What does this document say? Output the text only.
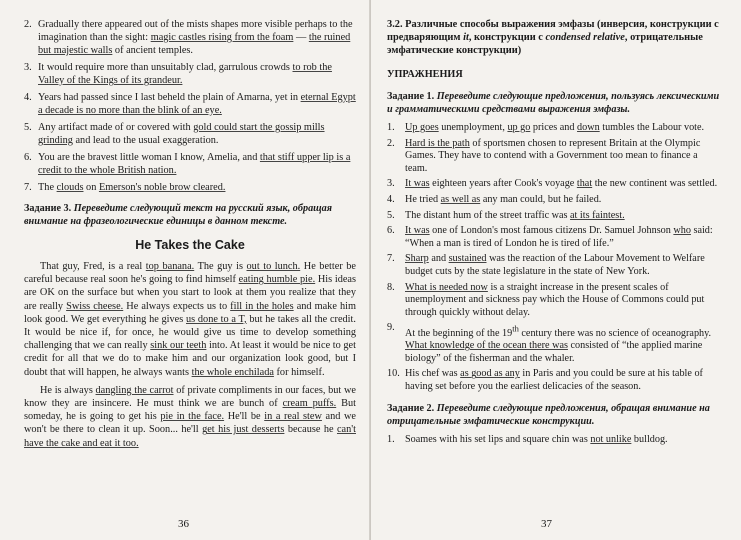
2. Gradually there appeared out of the mists shapes more visible perhaps to the imagination than the sight: magic castles rising from the foam — the ruined but majestic walls of ancient temples.
3. It would require more than unsuitably clad, garrulous crowds to rob the Valley of the Kings of its grandeur.
4. Years had passed since I last beheld the plain of Amarna, yet in eternal Egypt a decade is no more than the blink of an eye.
5. Any artifact made of or covered with gold could start the gossip mills grinding and lead to the usual exaggeration.
6. You are the bravest little woman I know, Amelia, and that stiff upper lip is a credit to the whole British nation.
7. The clouds on Emerson's noble brow cleared.
Задание 3. Переведите следующий текст на русский язык, обращая внимание на фразеологические единицы в данном тексте.
He Takes the Cake

That guy, Fred, is a real top banana. The guy is out to lunch. He better be careful because real soon he's going to find himself eating humble pie. His ideas are OK on the surface but when you start to look at them you realize that they are really Swiss cheese. He always expects us to fill in the holes and make him look good. We get everything he gives us done to a T, but he takes all the credit. It would be nice if, for once, he would give us time to develop something challenging that we can really sink our teeth into. At least it would be nice to get credit for all that we do to make him and our organization look good, but I doubt that will happen, he always wants the whole enchilada for himself.

He is always dangling the carrot of private compliments in our faces, but we know they are insincere. He must think we are bunch of cream puffs. But someday, he is going to get his pie in the face. He'll be in a real stew and we won't be there to clean it up. Soon... he'll get his just desserts because he can't have the cake and eat it too.

36
3.2. Различные способы выражения эмфазы (инверсия, конструкции с предваряющим it, конструкции с condensed relative, отрицательные эмфатические конструкции)
УПРАЖНЕНИЯ
Задание 1. Переведите следующие предложения, пользуясь лексическими и грамматическими средствами выражения эмфазы.
1. Up goes unemployment, up go prices and down tumbles the Labour vote.
2. Hard is the path of sportsmen chosen to represent Britain at the Olympic Games. They have to contend with a Government too mean to finance a team.
3. It was eighteen years after Cook's voyage that the new continent was settled.
4. He tried as well as any man could, but he failed.
5. The distant hum of the street traffic was at its faintest.
6. It was one of London's most famous citizens Dr. Samuel Johnson who said: “When a man is tired of London he is tired of life.”
7. Sharp and sustained was the reaction of the Labour Movement to Welfare budget cuts by the state legislature in the state of New York.
8. What is needed now is a straight increase in the present scales of unemployment and sickness pay which the House of Commons could put through quickly without delay.
9. At the beginning of the 19th century there was no science of oceanography. What knowledge of the ocean there was consisted of “the applied marine biology” of the fisherman and the whaler.
10. His chef was as good as any in Paris and you could be sure at his table of having set before you the earliest delicacies of the season.
Задание 2. Переведите следующие предложения, обращая внимание на отрицательные эмфатические конструкции.
1. Soames with his set lips and square chin was not unlike bulldog.
37
